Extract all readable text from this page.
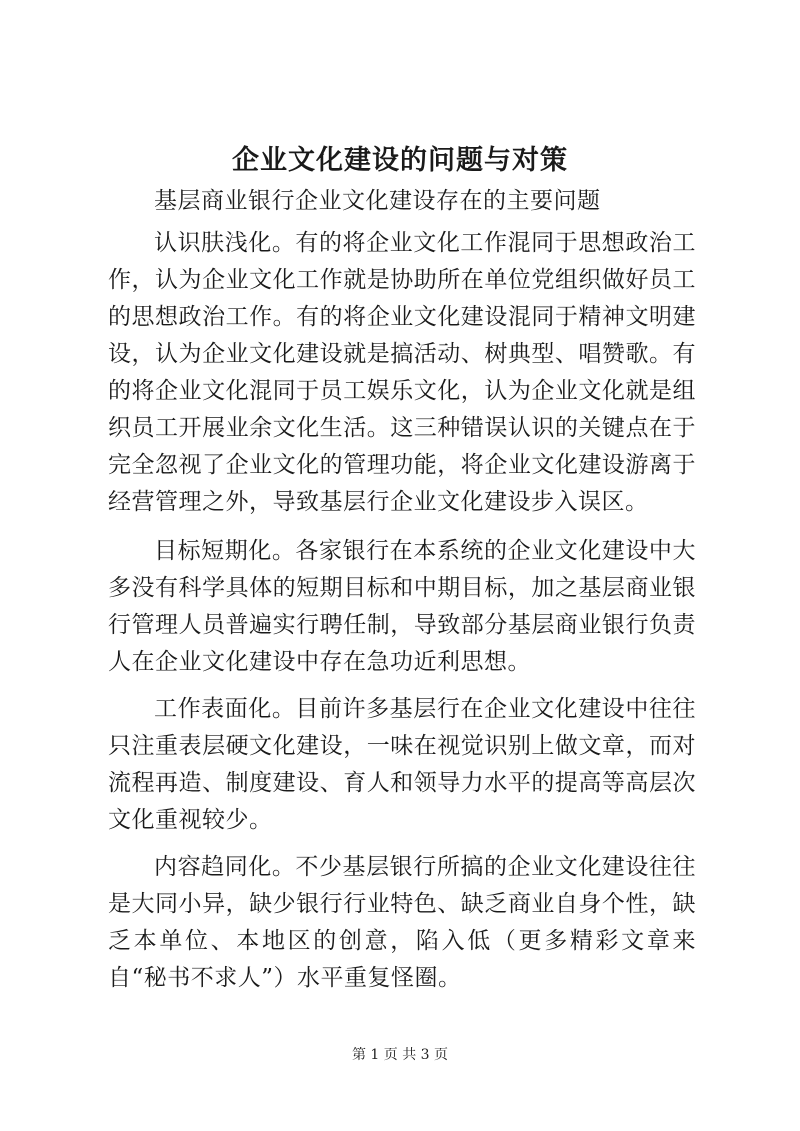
企业文化建设的问题与对策

基层商业银行企业文化建设存在的主要问题

认识肤浅化。有的将企业文化工作混同于思想政治工作，认为企业文化工作就是协助所在单位党组织做好员工的思想政治工作。有的将企业文化建设混同于精神文明建设，认为企业文化建设就是搞活动、树典型、唱赞歌。有的将企业文化混同于员工娱乐文化，认为企业文化就是组织员工开展业余文化生活。这三种错误认识的关键点在于完全忽视了企业文化的管理功能，将企业文化建设游离于经营管理之外，导致基层行企业文化建设步入误区。

目标短期化。各家银行在本系统的企业文化建设中大多没有科学具体的短期目标和中期目标，加之基层商业银行管理人员普遍实行聘任制，导致部分基层商业银行负责人在企业文化建设中存在急功近利思想。

工作表面化。目前许多基层行在企业文化建设中往往只注重表层硬文化建设，一味在视觉识别上做文章，而对流程再造、制度建设、育人和领导力水平的提高等高层次文化重视较少。

内容趋同化。不少基层银行所搞的企业文化建设往往是大同小异，缺少银行行业特色、缺乏商业自身个性，缺乏本单位、本地区的创意，陷入低（更多精彩文章来自“秘书不求人”）水平重复怪圈。

第 1 页 共 3 页
